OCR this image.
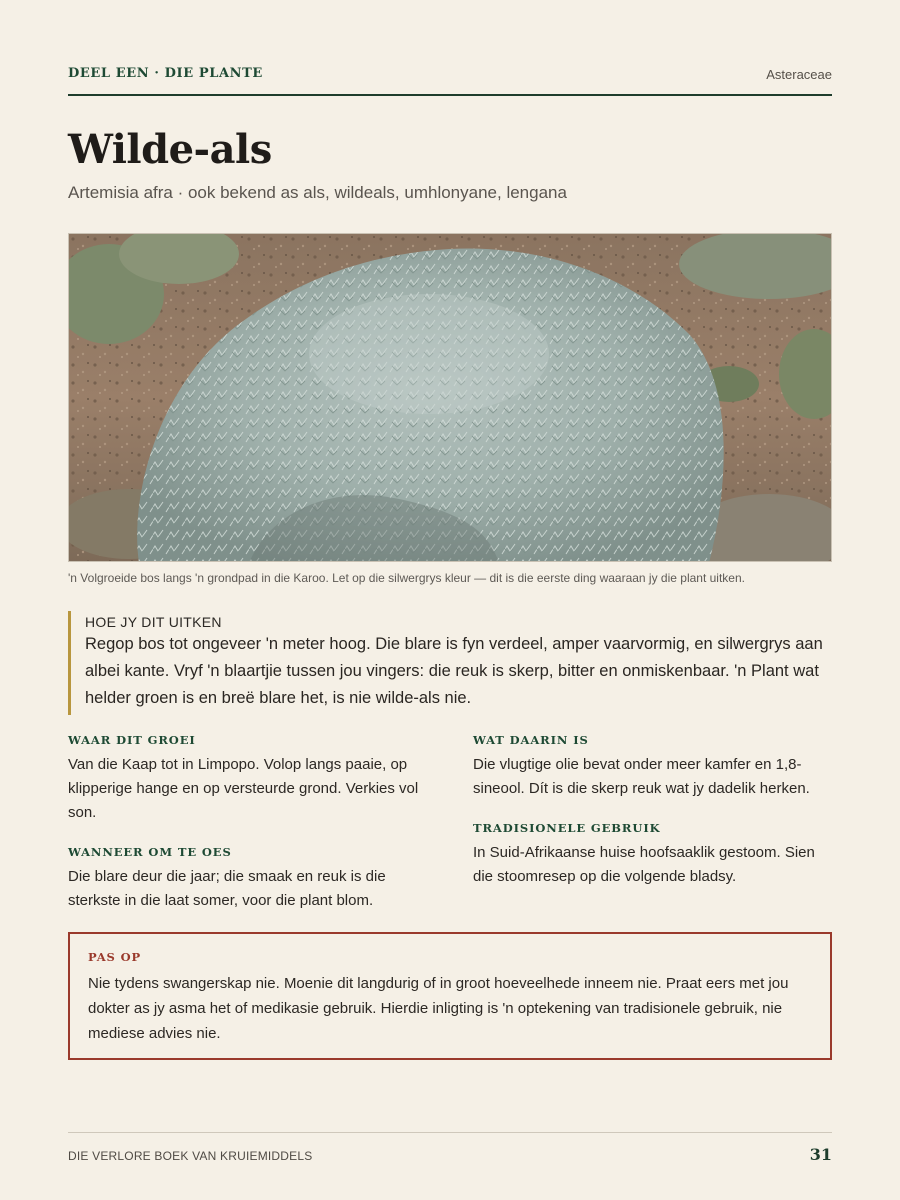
DEEL EEN · DIE PLANTE	Asteraceae
Wilde-als
Artemisia afra · ook bekend as als, wildeals, umhlonyane, lengana
'n Volgroeide bos langs 'n grondpad in die Karoo. Let op die silwergrys kleur — dit is die eerste ding waaraan jy die plant uitken.
HOE JY DIT UITKEN
Regop bos tot ongeveer 'n meter hoog. Die blare is fyn verdeel, amper vaarvormig, en silwergrys aan albei kante. Vryf 'n blaartjie tussen jou vingers: die reuk is skerp, bitter en onmiskenbaar. 'n Plant wat helder groen is en breë blare het, is nie wilde-als nie.
WAAR DIT GROEI

Van die Kaap tot in Limpopo. Volop langs paaie, op klipperige hange en op versteurde grond. Verkies vol son.

WANNEER OM TE OES

Die blare deur die jaar; die smaak en reuk is die sterkste in die laat somer, voor die plant blom.

WAT DAARIN IS

Die vlugtige olie bevat onder meer kamfer en 1,8-sineool. Dít is die skerp reuk wat jy dadelik herken.

TRADISIONELE GEBRUIK

In Suid-Afrikaanse huise hoofsaaklik gestoom. Sien die stoomresep op die volgende bladsy.

PAS OP

Nie tydens swangerskap nie. Moenie dit langdurig of in groot hoeveelhede inneem nie. Praat eers met jou dokter as jy asma het of medikasie gebruik. Hierdie inligting is 'n optekening van tradisionele gebruik, nie mediese advies nie.

DIE VERLORE BOEK VAN KRUIEMIDDELS	31
